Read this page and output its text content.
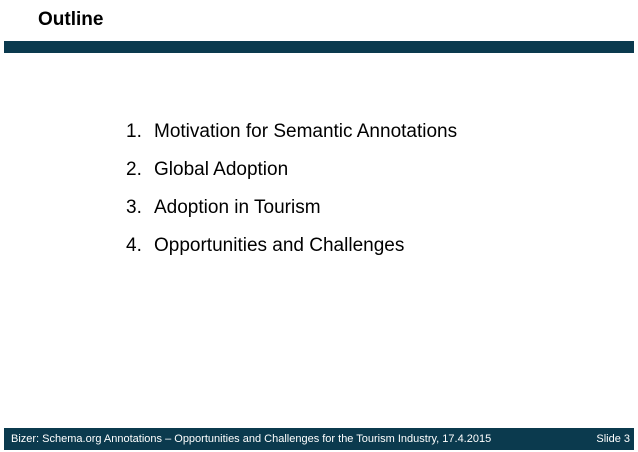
Outline
1. Motivation for Semantic Annotations
2. Global Adoption
3. Adoption in Tourism
4. Opportunities and Challenges
Bizer: Schema.org Annotations – Opportunities and Challenges for the Tourism Industry, 17.4.2015	Slide 3
